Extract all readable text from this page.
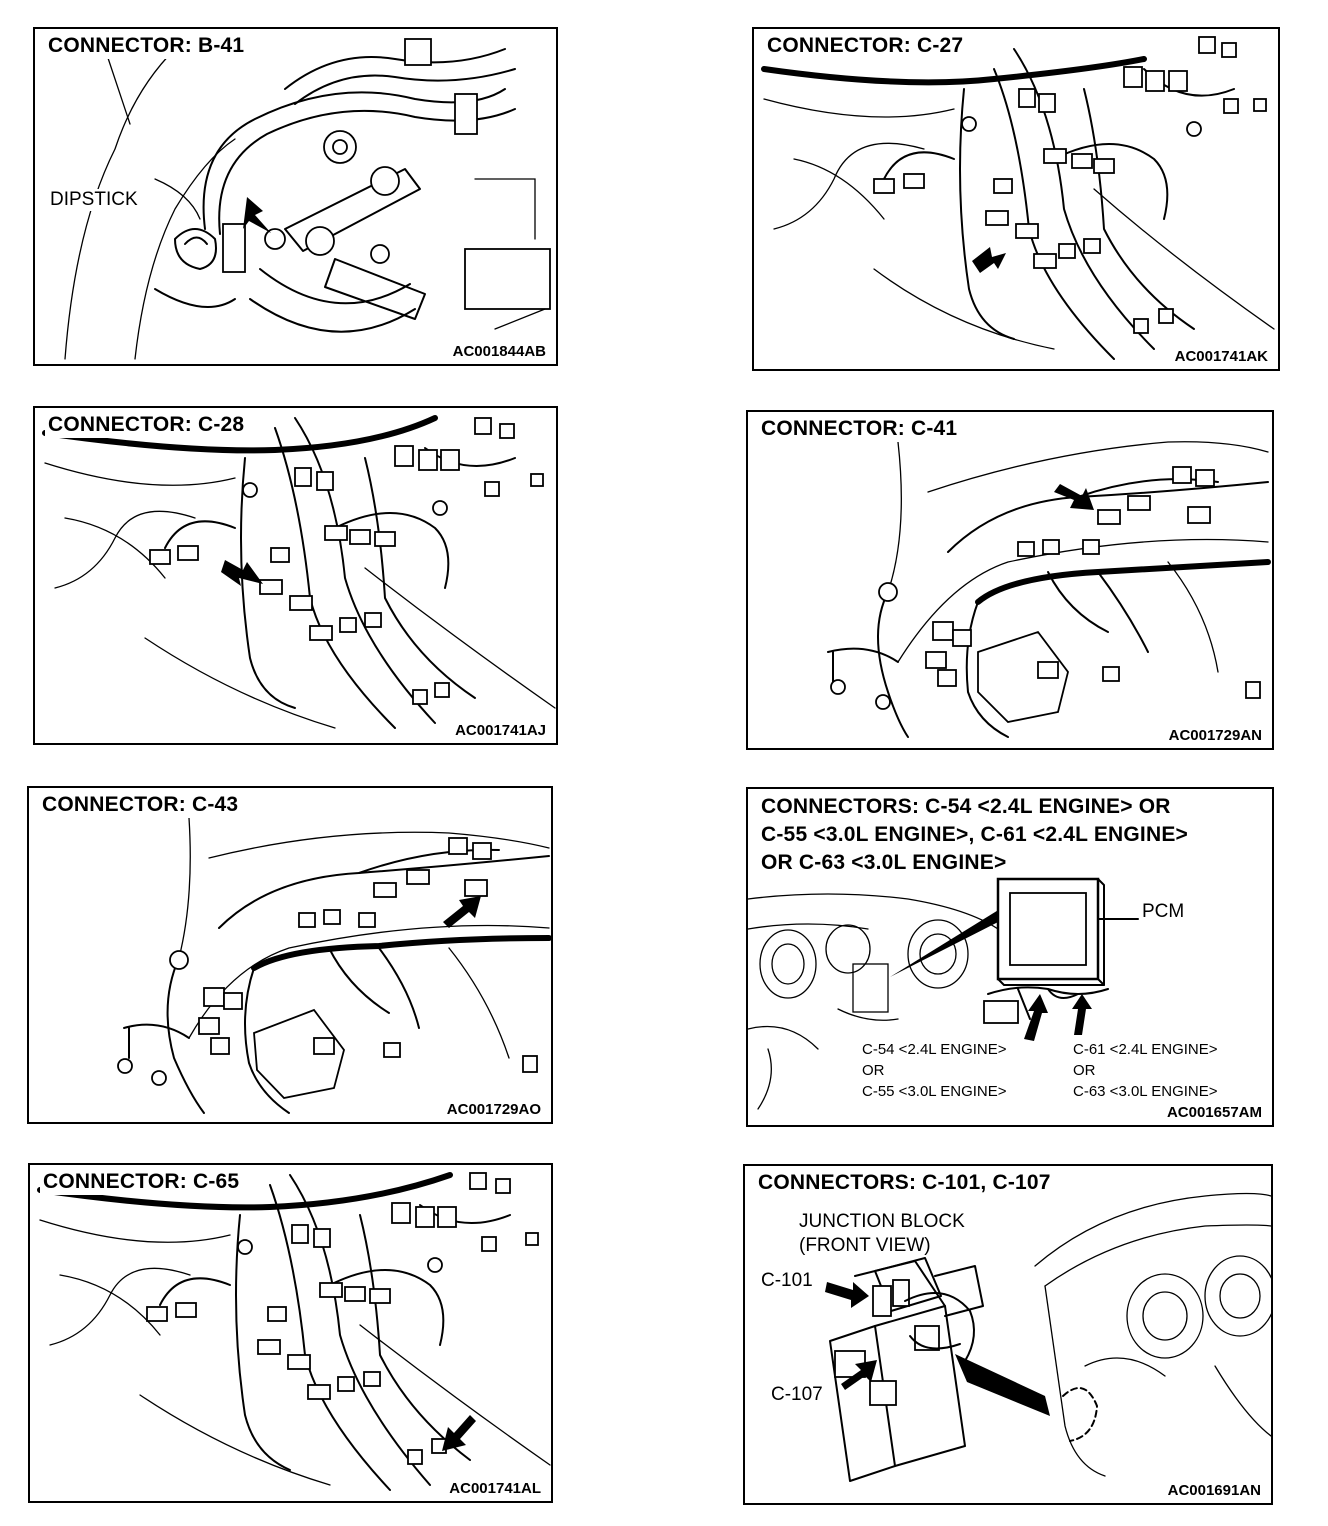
CONNECTOR: B-41
DIPSTICK
AC001844AB
CONNECTOR: C-27
AC001741AK
CONNECTOR: C-28
AC001741AJ
CONNECTOR: C-41
AC001729AN
CONNECTOR: C-43
AC001729AO
CONNECTORS: C-54 <2.4L ENGINE> OR
C-55 <3.0L ENGINE>, C-61 <2.4L ENGINE>
OR C-63 <3.0L ENGINE>
PCM
C-54 <2.4L ENGINE>
OR
C-55 <3.0L ENGINE>
C-61 <2.4L ENGINE>
OR
C-63 <3.0L ENGINE>
AC001657AM
CONNECTOR: C-65
AC001741AL
CONNECTORS: C-101, C-107
JUNCTION BLOCK
(FRONT VIEW)
C-101
C-107
AC001691AN
